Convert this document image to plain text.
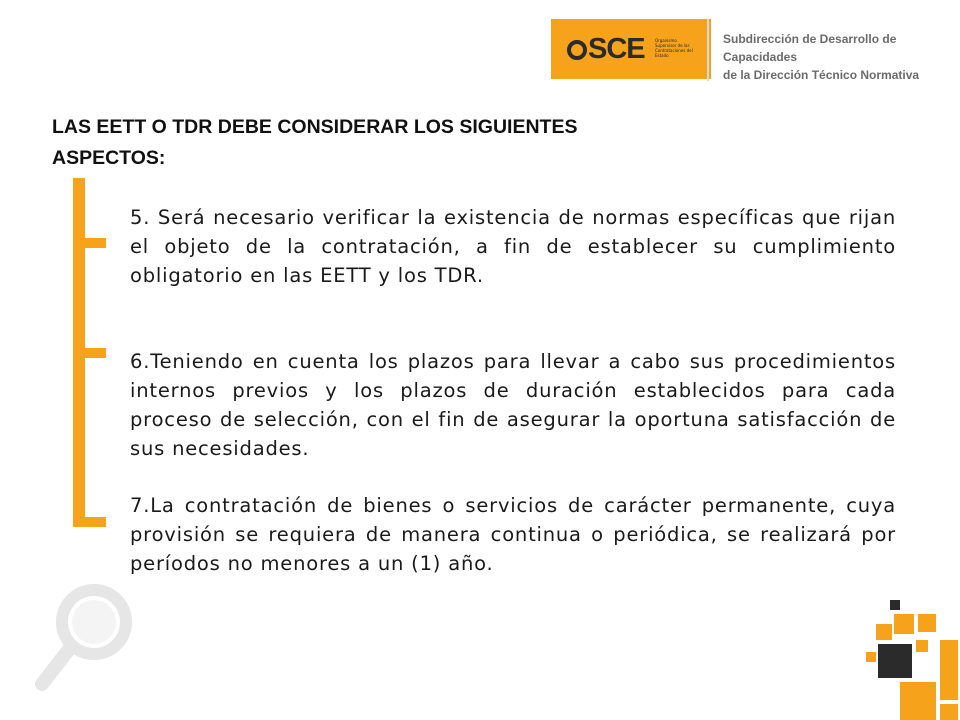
SCE	Organismo Supervisor de las Contrataciones del Estado
Subdirección de Desarrollo de Capacidades
de la Dirección Técnico Normativa
LAS EETT O TDR DEBE CONSIDERAR LOS SIGUIENTES
ASPECTOS:

5. Será necesario verificar la existencia de normas específicas que rijan el objeto de la contratación, a fin de establecer su cumplimiento obligatorio en las EETT y los TDR.

6.Teniendo en cuenta los plazos para llevar a cabo sus procedimientos internos previos y los plazos de duración establecidos para cada proceso de selección, con el fin de asegurar la oportuna satisfacción de sus necesidades.

7.La contratación de bienes o servicios de carácter permanente, cuya provisión se requiera de manera continua o periódica, se realizará por períodos no menores a un (1) año.
